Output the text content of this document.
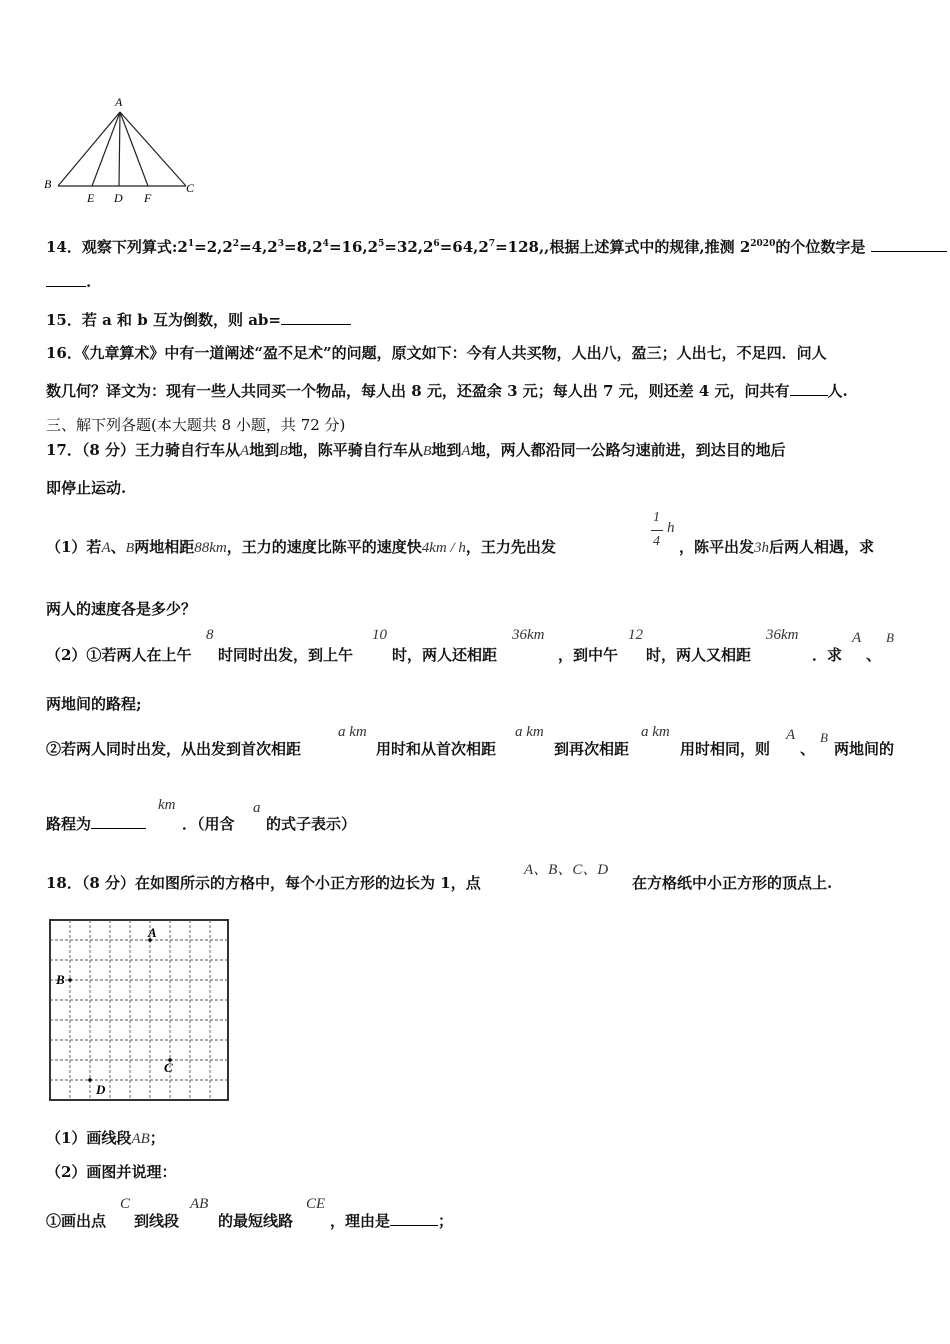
A
B
E D F
C
14．观察下列算式$:2^1=2,2^2=4,2^3=8,2^4=16,2^5=32,2^6=64,2^7=128$,,根据上述算式中的规律,推测 $2^{2020}$的个位数字是
.
15．若 a 和 b 互为倒数，则 ab=
16．《九章算术》中有一道阐述“盈不足术”的问题，原文如下：今有人共买物，人出八，盈三；人出七，不足四．问人
数几何？译文为：现有一些人共同买一个物品，每人出 8 元，还盈余 3 元；每人出 7 元，则还差 4 元，问共有	人.
三、解下列各题(本大题共 8 小题，共 72 分)
17．（8 分）王力骑自行车从A地到B地，陈平骑自行车从B地到A地，两人都沿同一公路匀速前进，到达目的地后
即停止运动.
（1）若A、B两地相距88km，王力的速度比陈平的速度快4km / h，王力先出发
1
4
h
，陈平出发3h后两人相遇，求
两人的速度各是多少？
（2）①若两人在上午
8
时同时出发，到上午
10
时，两人还相距
36km
，到中午
12
时，两人又相距
36km
．求
A
、
B
两地间的路程;
②若两人同时出发，从出发到首次相距
a km
用时和从首次相距
a km
到再次相距
a km
用时相同，则
A
、
B
两地间的
路程为
km
．（用含
a
的式子表示）
18．（8 分）在如图所示的方格中，每个小正方形的边长为 1，点
A、B、C、D
在方格纸中小正方形的顶点上.
A
B
C
D
（1）画线段AB；
（2）画图并说理：
①画出点
C
到线段
AB
的最短线路
CE
，理由是	；
